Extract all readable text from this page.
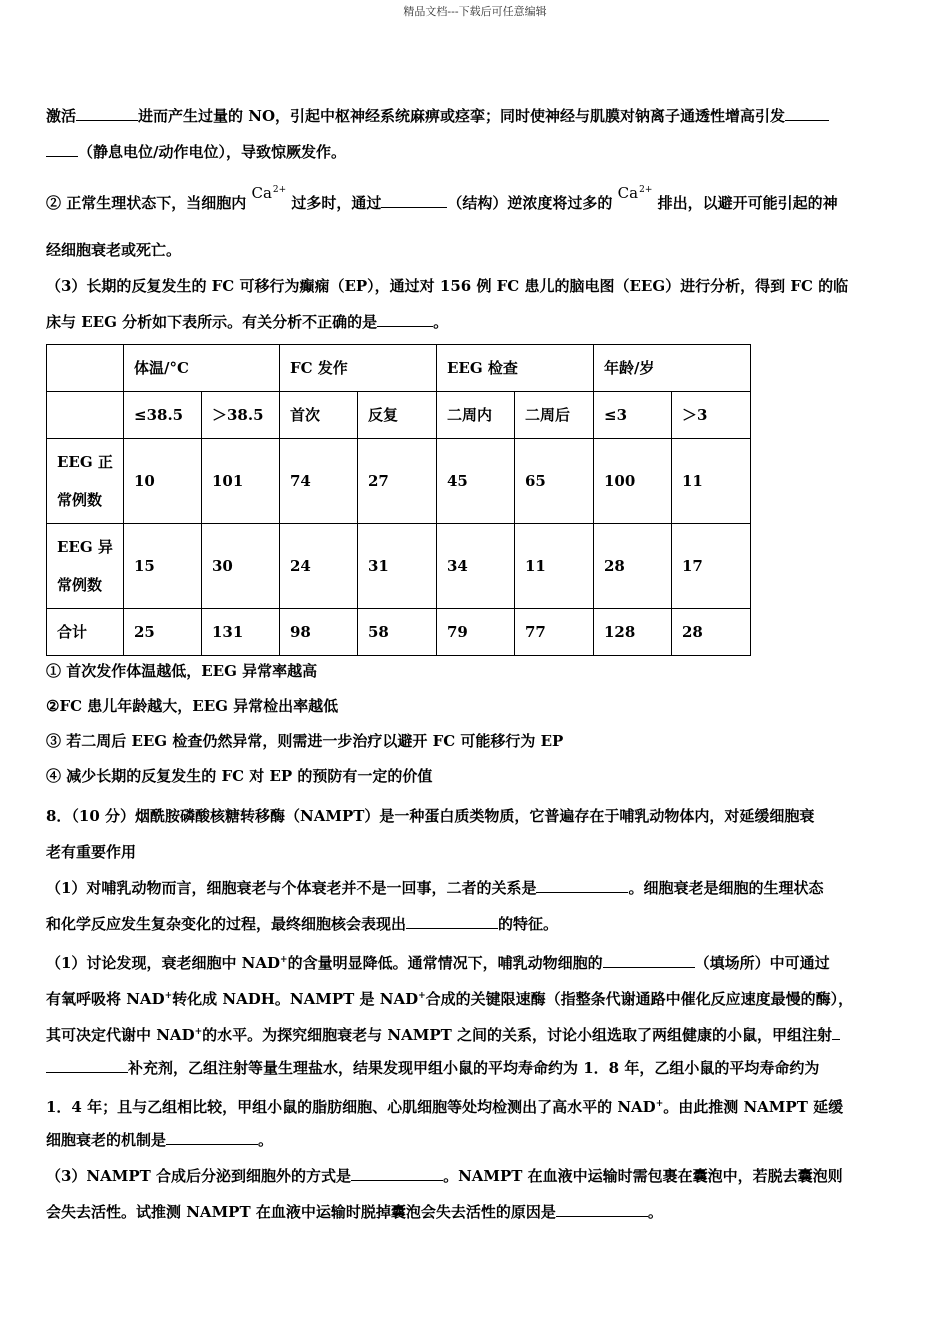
精品文档---下载后可任意编辑
激活	进而产生过量的 NO，引起中枢神经系统麻痹或痉挛；同时使神经与肌膜对钠离子通透性增高引发
（静息电位/动作电位），导致惊厥发作。
② 正常生理状态下，当细胞内 $Ca^{2+}$ 过多时，通过	（结构）逆浓度将过多的 $Ca^{2+}$ 排出，以避开可能引起的神
经细胞衰老或死亡。
（3）长期的反复发生的 FC 可移行为癫痫（EP），通过对 156 例 FC 患儿的脑电图（EEG）进行分析，得到 FC 的临
床与 EEG 分析如下表所示。有关分析不正确的是	。
	体温/°C		FC 发作		EEG 检查		年龄/岁	
	≤38.5	＞38.5	首次	反复	二周内	二周后	≤3	＞3

EEG 正
常例数	10	101	74	27	45	65	100	11

EEG 异
常例数	15	30	24	31	34	11	28	17
合计	25	131	98	58	79	77	128	28
① 首次发作体温越低，EEG 异常率越高
②FC 患儿年龄越大，EEG 异常检出率越低
③ 若二周后 EEG 检查仍然异常，则需进一步治疗以避开 FC 可能移行为 EP
④ 减少长期的反复发生的 FC 对 EP 的预防有一定的价值
8．（10 分）烟酰胺磷酸核糖转移酶（NAMPT）是一种蛋白质类物质，它普遍存在于哺乳动物体内，对延缓细胞衰
老有重要作用
（1）对哺乳动物而言，细胞衰老与个体衰老并不是一回事，二者的关系是	。细胞衰老是细胞的生理状态
和化学反应发生复杂变化的过程，最终细胞核会表现出	的特征。
（1）讨论发现，衰老细胞中 NAD+的含量明显降低。通常情况下，哺乳动物细胞的	（填场所）中可通过
有氧呼吸将 NAD+转化成 NADH。NAMPT 是 NAD+合成的关键限速酶（指整条代谢通路中催化反应速度最慢的酶），
其可决定代谢中 NAD+的水平。为探究细胞衰老与 NAMPT 之间的关系，讨论小组选取了两组健康的小鼠，甲组注射
补充剂，乙组注射等量生理盐水，结果发现甲组小鼠的平均寿命约为 1．8 年，乙组小鼠的平均寿命约为
1．4 年；且与乙组相比较，甲组小鼠的脂肪细胞、心肌细胞等处均检测出了高水平的 NAD+。由此推测 NAMPT 延缓
细胞衰老的机制是	。
（3）NAMPT 合成后分泌到细胞外的方式是	。NAMPT 在血液中运输时需包裹在囊泡中，若脱去囊泡则
会失去活性。试推测 NAMPT 在血液中运输时脱掉囊泡会失去活性的原因是	。
